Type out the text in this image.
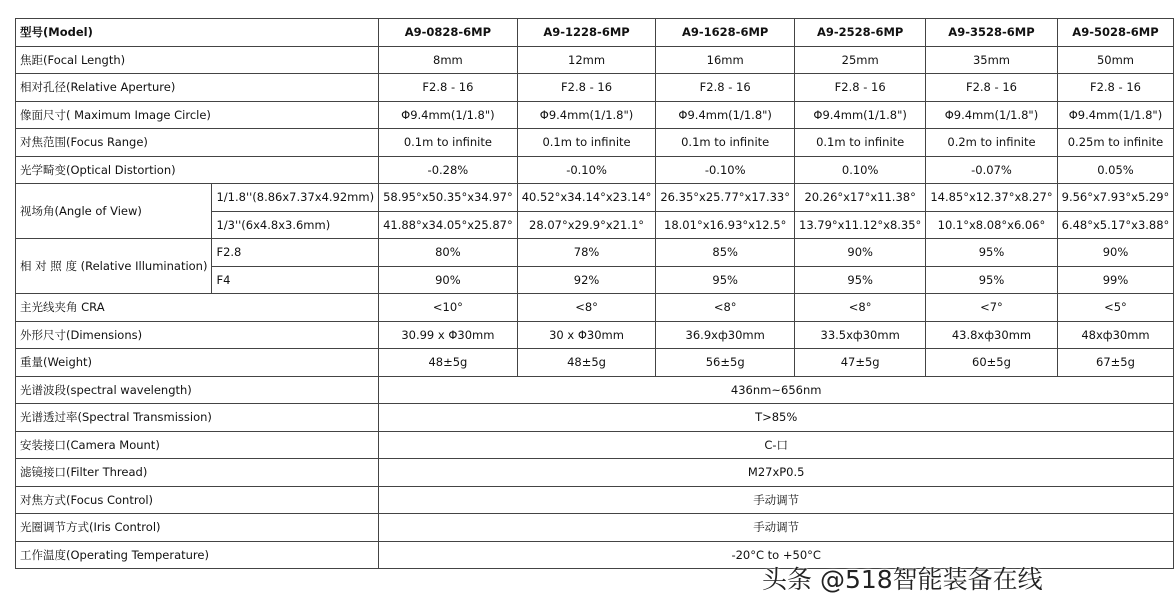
型号(Model)		A9-0828-6MP	A9-1228-6MP	A9-1628-6MP	A9-2528-6MP	A9-3528-6MP	A9-5028-6MP
焦距(Focal Length)		8mm	12mm	16mm	25mm	35mm	50mm
相对孔径(Relative Aperture)		F2.8 - 16	F2.8 - 16	F2.8 - 16	F2.8 - 16	F2.8 - 16	F2.8 - 16
像面尺寸( Maximum Image Circle)		Φ9.4mm(1/1.8")	Φ9.4mm(1/1.8")	Φ9.4mm(1/1.8")	Φ9.4mm(1/1.8")	Φ9.4mm(1/1.8")	Φ9.4mm(1/1.8")
对焦范围(Focus Range)		0.1m to infinite	0.1m to infinite	0.1m to infinite	0.1m to infinite	0.2m to infinite	0.25m to infinite
光学畸变(Optical Distortion)		-0.28%	-0.10%	-0.10%	0.10%	-0.07%	0.05%
视场角(Angle of View)	1/1.8''(8.86x7.37x4.92mm)	58.95°x50.35°x34.97°	40.52°x34.14°x23.14°	26.35°x25.77°x17.33°	20.26°x17°x11.38°	14.85°x12.37°x8.27°	9.56°x7.93°x5.29°
	1/3''(6x4.8x3.6mm)	41.88°x34.05°x25.87°	28.07°x29.9°x21.1°	18.01°x16.93°x12.5°	13.79°x11.12°x8.35°	10.1°x8.08°x6.06°	6.48°x5.17°x3.88°
相 对 照 度 (Relative Illumination)	F2.8	80%	78%	85%	90%	95%	90%
	F4	90%	92%	95%	95%	95%	99%
主光线夹角 CRA		<10°	<8°	<8°	<8°	<7°	<5°
外形尺寸(Dimensions)		30.99 x Φ30mm	30 x Φ30mm	36.9xф30mm	33.5xф30mm	43.8xф30mm	48xф30mm
重量(Weight)		48±5g	48±5g	56±5g	47±5g	60±5g	67±5g
光谱波段(spectral wavelength)		436nm~656nm					
光谱透过率(Spectral Transmission)		T>85%					
安装接口(Camera Mount)		C-口					
滤镜接口(Filter Thread)		M27xP0.5					
对焦方式(Focus Control)		手动调节					
光圈调节方式(Iris Control)		手动调节					
工作温度(Operating Temperature)		-20°C to +50°C					
头条 @518智能装备在线
